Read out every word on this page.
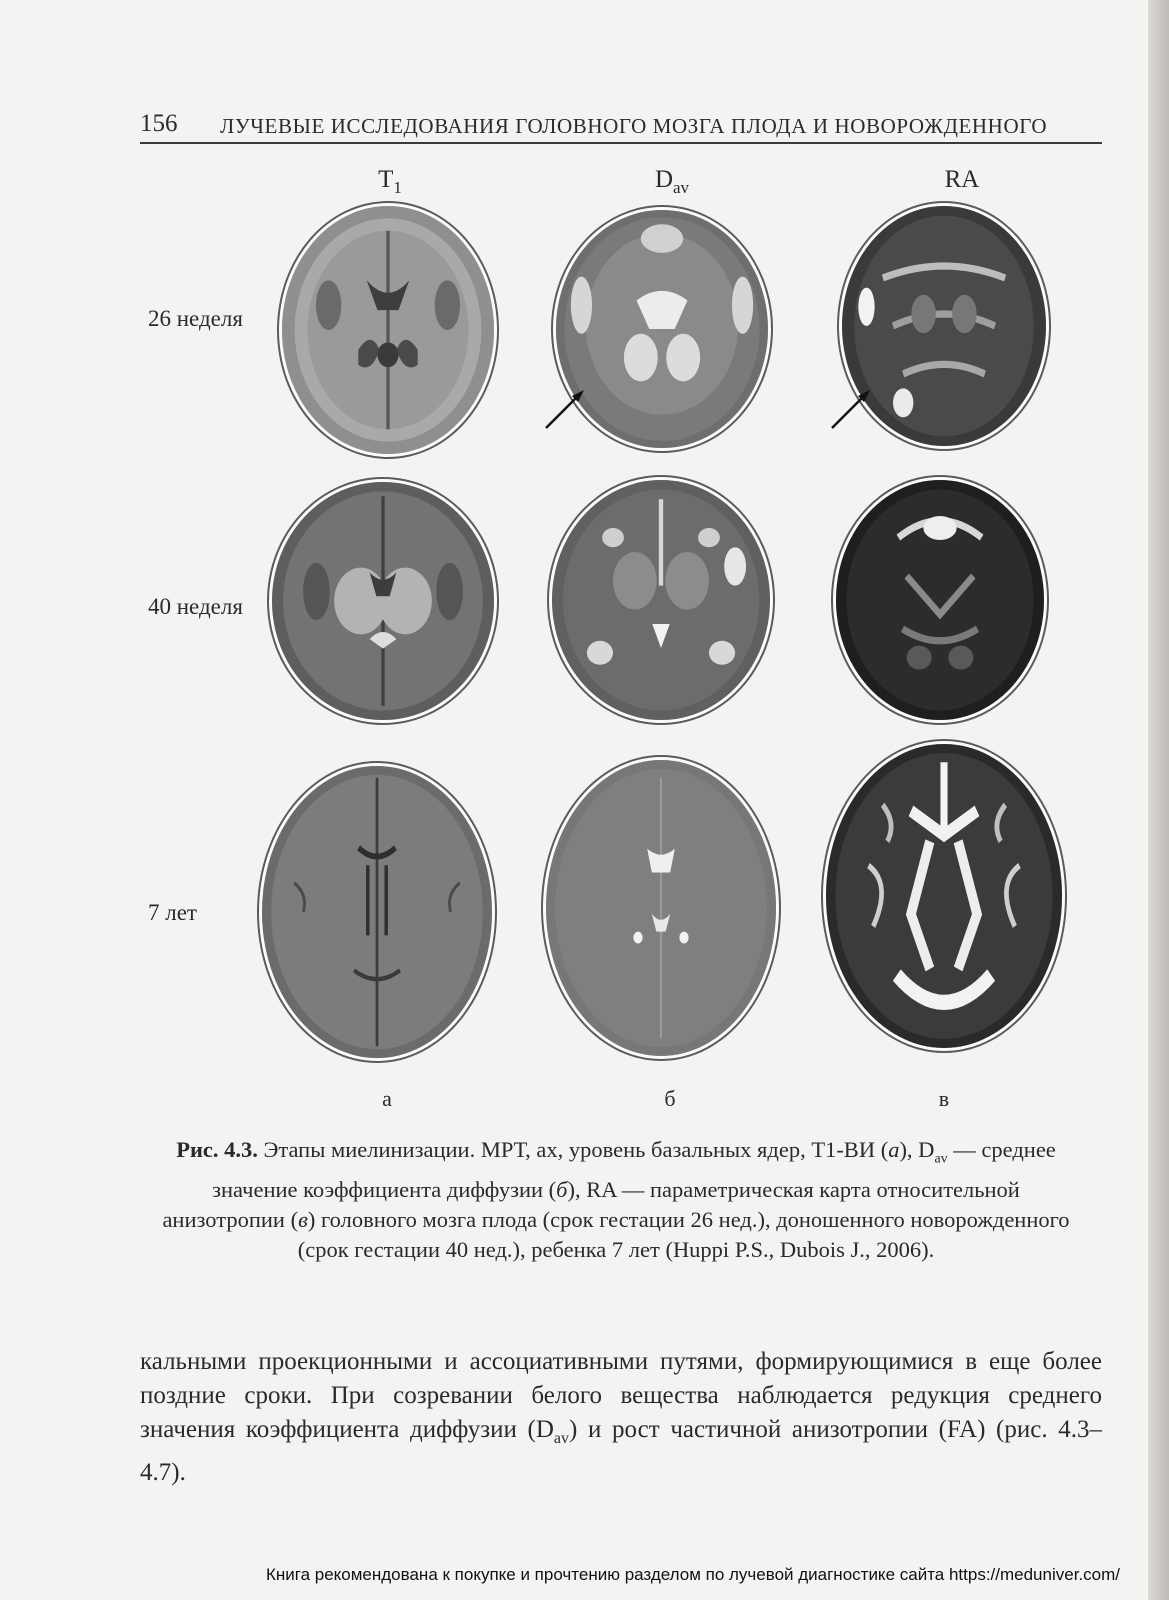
156 ЛУЧЕВЫЕ ИССЛЕДОВАНИЯ ГОЛОВНОГО МОЗГА ПЛОДА И НОВОРОЖДЕННОГО
$T_1$	$D_{av}$	RA
26 неделя
40 неделя
7 лет
а	б	в
Рис. 4.3. Этапы миелинизации. МРТ, ах, уровень базальных ядер, Т1-ВИ (а), $D_{av}$ — среднее значение коэффициента диффузии (б), RA — параметрическая карта относительной анизотропии (в) головного мозга плода (срок гестации 26 нед.), доношенного новорожденного (срок гестации 40 нед.), ребенка 7 лет (Huppi P.S., Dubois J., 2006).
кальными проекционными и ассоциативными путями, формирующимися в еще более поздние сроки. При созревании белого вещества наблюдается редукция среднего значения коэффициента диффузии $(D_{av})$ и рост частичной анизотропии (FA) (рис. 4.3–4.7).
Книга рекомендована к покупке и прочтению разделом по лучевой диагностике сайта https://meduniver.com/
